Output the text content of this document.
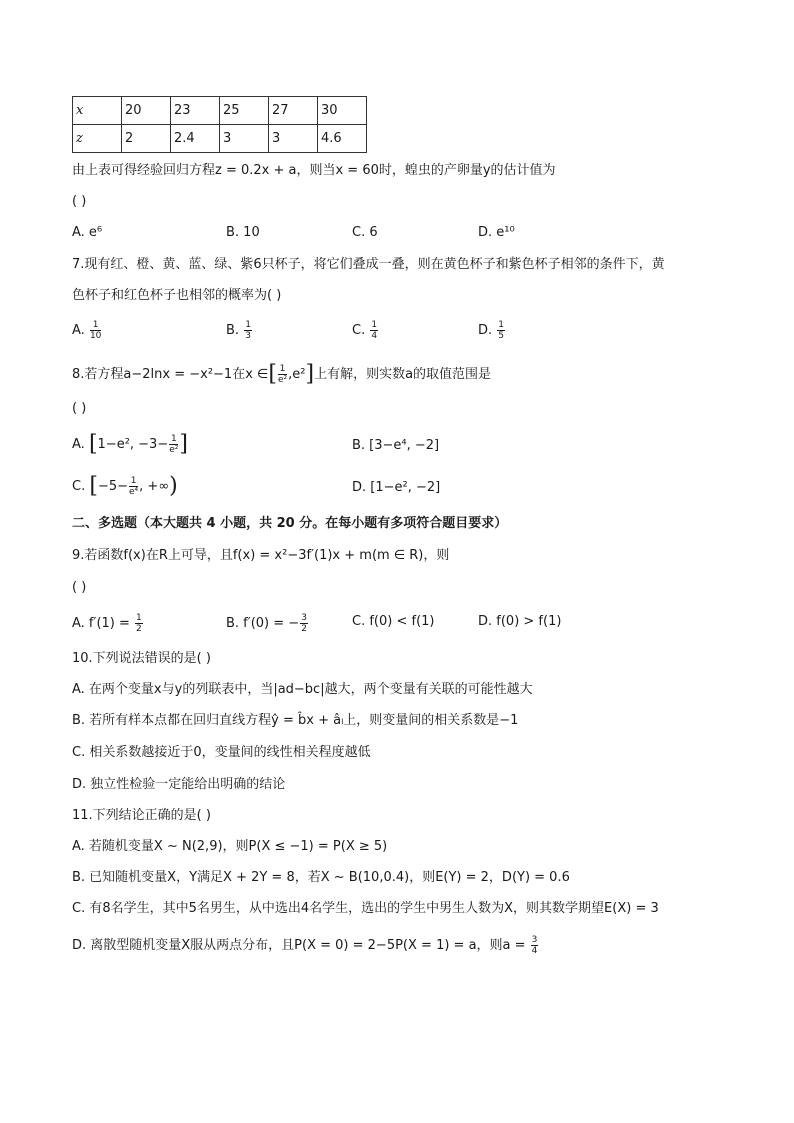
x	20	23	25	27	30
z	2	2.4	3	3	4.6
由上表可得经验回归方程z = 0.2x + a，则当x = 60时，蝗虫的产卵量y的估计值为
( )
A. e⁶	B. 10	C. 6	D. e¹⁰
7.现有红、橙、黄、蓝、绿、紫6只杯子，将它们叠成一叠，则在黄色杯子和紫色杯子相邻的条件下，黄
色杯子和红色杯子也相邻的概率为( )
A. $\frac{1}{10}$	B. $\frac{1}{3}$	C. $\frac{1}{4}$	D. $\frac{1}{5}$
8.若方程a−2lnx = −x²−1在x ∈[ $\frac{1}{\text{e²}} ,e^2$]上有解，则实数a的取值范围是
( )
A. [1−e², $-3- \frac{1}{\text{e²}}$ ]	B. [3−e⁴, −2]
C. [$-5- \frac{1}{\text{e⁴}}$ , +∞)	D. [1−e², −2]
二、多选题（本大题共 4 小题，共 20 分。在每小题有多项符合题目要求）
9.若函数f(x)在R上可导，且f(x) = x²−3f′(1)x + m(m ∈ R)，则
( )
A. $f'(1) = \frac{1}{2}$	B. f′(0) = − $\frac{3}{2}$	C. f(0) < f(1)	D. f(0) > f(1)
10.下列说法错误的是( )
A. 在两个变量x与y的列联表中，当|ad−bc|越大，两个变量有关联的可能性越大
B. 若所有样本点都在回归直线方程ŷ = b̂x + âₗ上，则变量间的相关系数是−1
C. 相关系数越接近于0，变量间的线性相关程度越低
D. 独立性检验一定能给出明确的结论
11.下列结论正确的是( )
A. 若随机变量X ~ N(2,9)，则P(X ≤ −1) = P(X ≥ 5)
B. 已知随机变量X，Y满足X + 2Y = 8，若X ~ B(10,0.4)，则E(Y) = 2，D(Y) = 0.6
C. 有8名学生，其中5名男生，从中选出4名学生，选出的学生中男生人数为X，则其数学期望E(X) = 3
D. 离散型随机变量X服从两点分布，且P(X = 0) = 2−5P(X = 1) = a，则$a = \frac{3}{4}$
